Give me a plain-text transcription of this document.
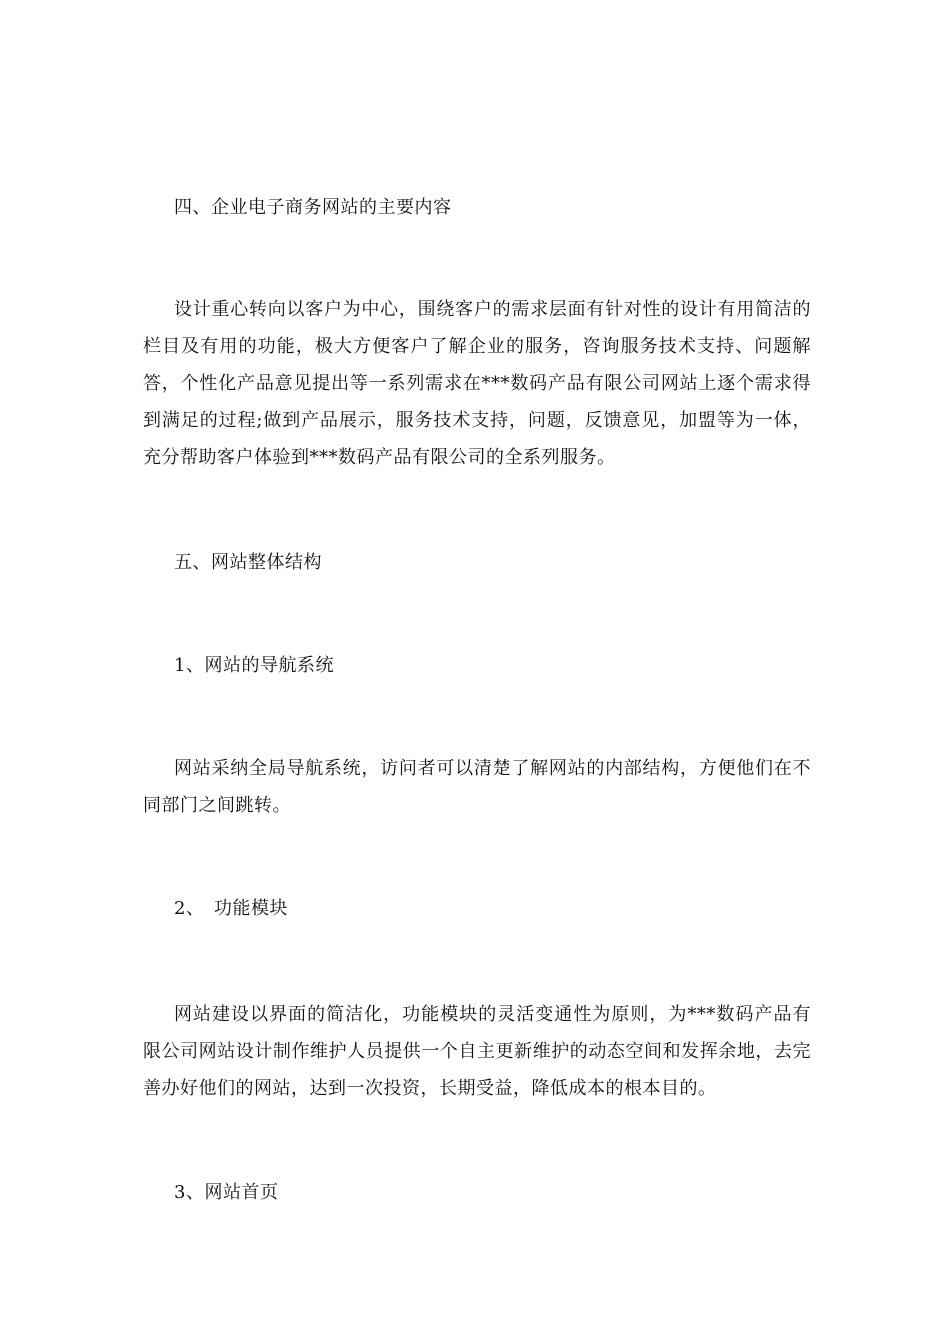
四、企业电子商务网站的主要内容
设计重心转向以客户为中心，围绕客户的需求层面有针对性的设计有用简洁的栏目及有用的功能，极大方便客户了解企业的服务，咨询服务技术支持、问题解答，个性化产品意见提出等一系列需求在***数码产品有限公司网站上逐个需求得到满足的过程;做到产品展示，服务技术支持，问题，反馈意见，加盟等为一体，充分帮助客户体验到***数码产品有限公司的全系列服务。
五、网站整体结构
1、网站的导航系统
网站采纳全局导航系统，访问者可以清楚了解网站的内部结构，方便他们在不同部门之间跳转。
2、　功能模块
网站建设以界面的简洁化，功能模块的灵活变通性为原则，为***数码产品有限公司网站设计制作维护人员提供一个自主更新维护的动态空间和发挥余地，去完善办好他们的网站，达到一次投资，长期受益，降低成本的根本目的。
3、网站首页
